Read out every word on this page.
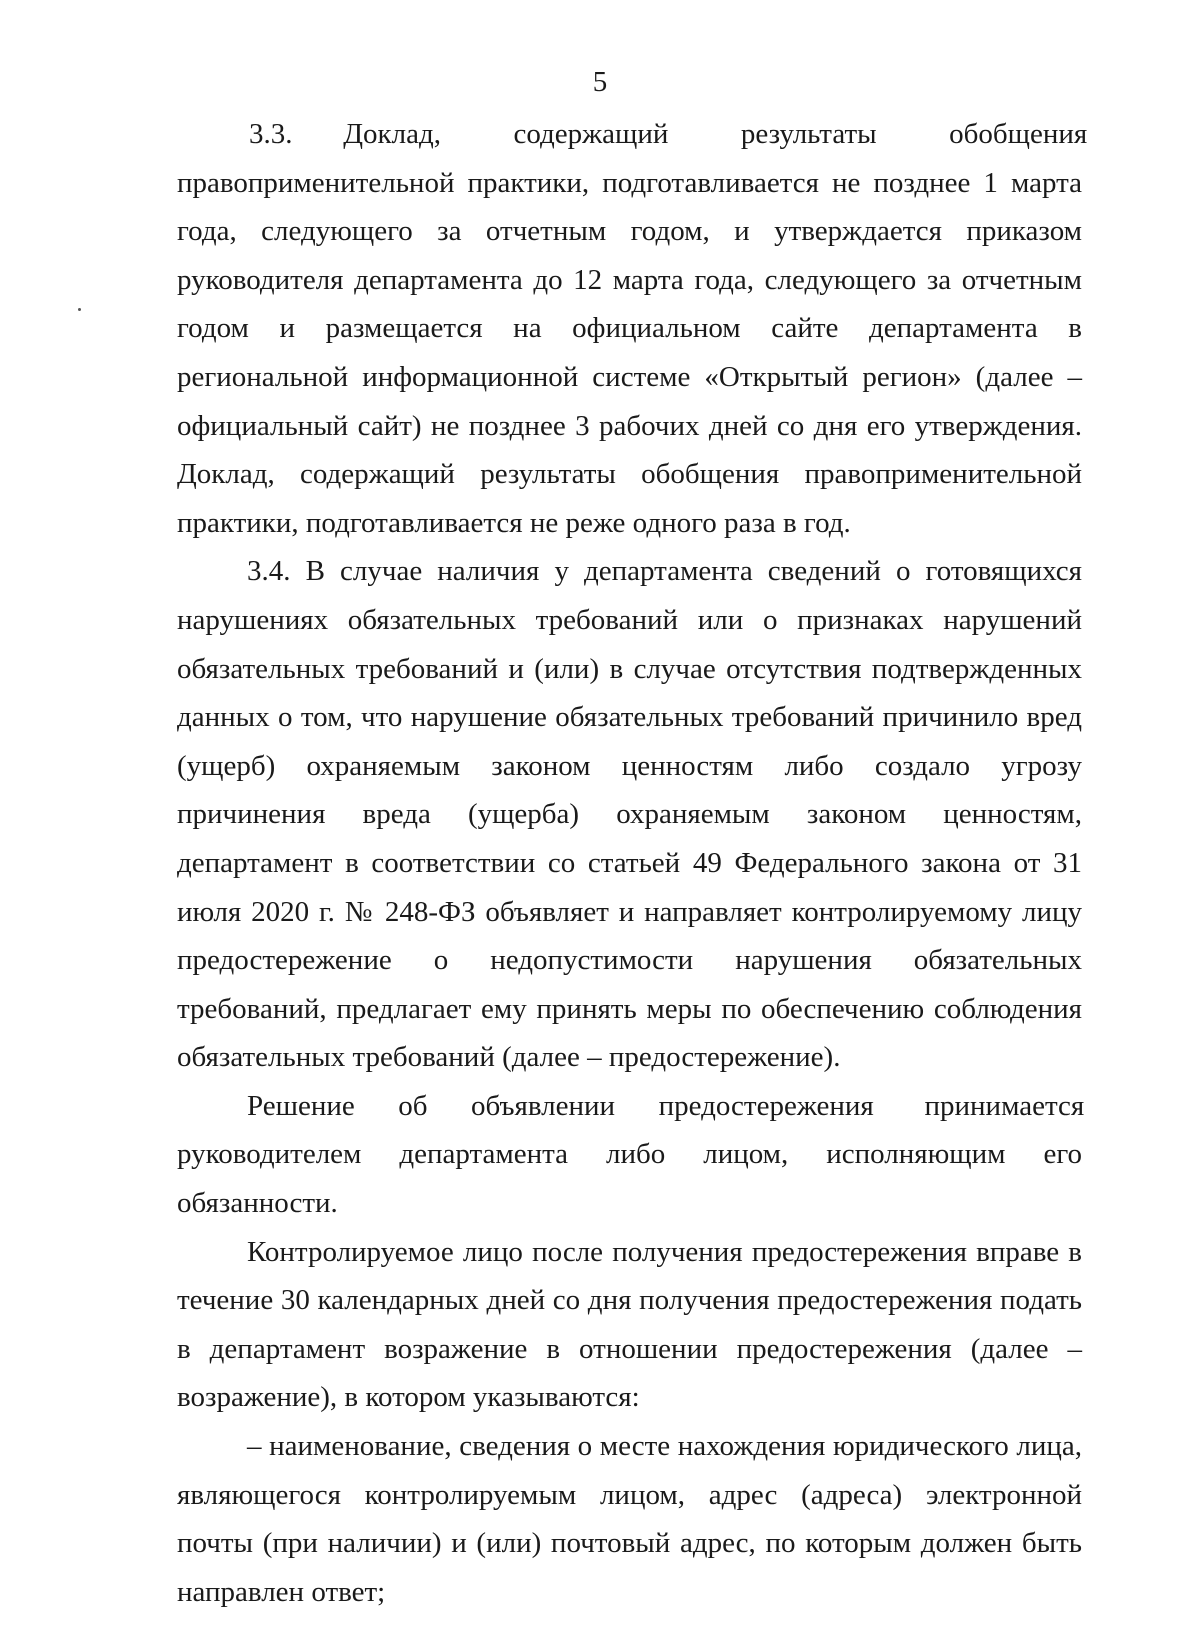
5

3.3.       Доклад,          содержащий          результаты          обобщения правоприменительной практики, подготавливается не позднее 1 марта года, следующего за отчетным годом, и утверждается приказом руководителя департамента до 12 марта года, следующего за отчетным годом и размещается на официальном сайте департамента в региональной информационной системе «Открытый регион» (далее – официальный сайт) не позднее 3 рабочих дней со дня его утверждения. Доклад, содержащий результаты обобщения правоприменительной практики, подготавливается не реже одного раза в год.

3.4. В случае наличия у департамента сведений о готовящихся нарушениях обязательных требований или о признаках нарушений обязательных требований и (или) в случае отсутствия подтвержденных данных о том, что нарушение обязательных требований причинило вред (ущерб) охраняемым законом ценностям либо создало угрозу причинения вреда (ущерба) охраняемым законом ценностям, департамент в соответствии со статьей 49 Федерального закона от 31 июля 2020 г. № 248-ФЗ объявляет и направляет контролируемому лицу предостережение о недопустимости нарушения обязательных требований, предлагает ему принять меры по обеспечению соблюдения обязательных требований (далее – предостережение).

Решение      об      объявлении      предостережения       принимается руководителем департамента либо лицом, исполняющим его обязанности.

Контролируемое лицо после получения предостережения вправе в течение 30 календарных дней со дня получения предостережения подать в департамент возражение в отношении предостережения (далее – возражение), в котором указываются:

– наименование, сведения о месте нахождения юридического лица, являющегося контролируемым лицом, адрес (адреса) электронной почты (при наличии) и (или) почтовый адрес, по которым должен быть направлен ответ;
